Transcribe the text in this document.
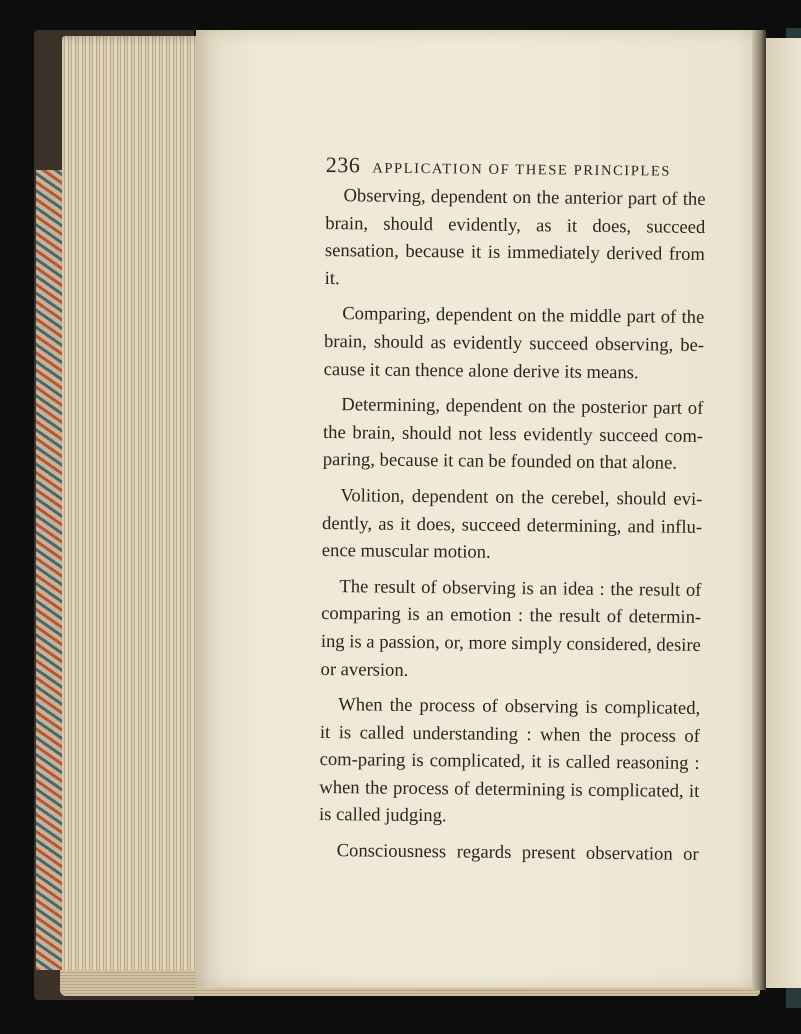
236 APPLICATION OF THESE PRINCIPLES

Observing, dependent on the anterior part of the brain, should evidently, as it does, succeed sensation, because it is immediately derived from it.

Comparing, dependent on the middle part of the brain, should as evidently succeed observing, be-cause it can thence alone derive its means.

Determining, dependent on the posterior part of the brain, should not less evidently succeed com-paring, because it can be founded on that alone.

Volition, dependent on the cerebel, should evi-dently, as it does, succeed determining, and influ-ence muscular motion.

The result of observing is an idea : the result of comparing is an emotion : the result of determin-ing is a passion, or, more simply considered, desire or aversion.

When the process of observing is complicated, it is called understanding : when the process of com-paring is complicated, it is called reasoning : when the process of determining is complicated, it is called judging.

Consciousness regards present observation or
